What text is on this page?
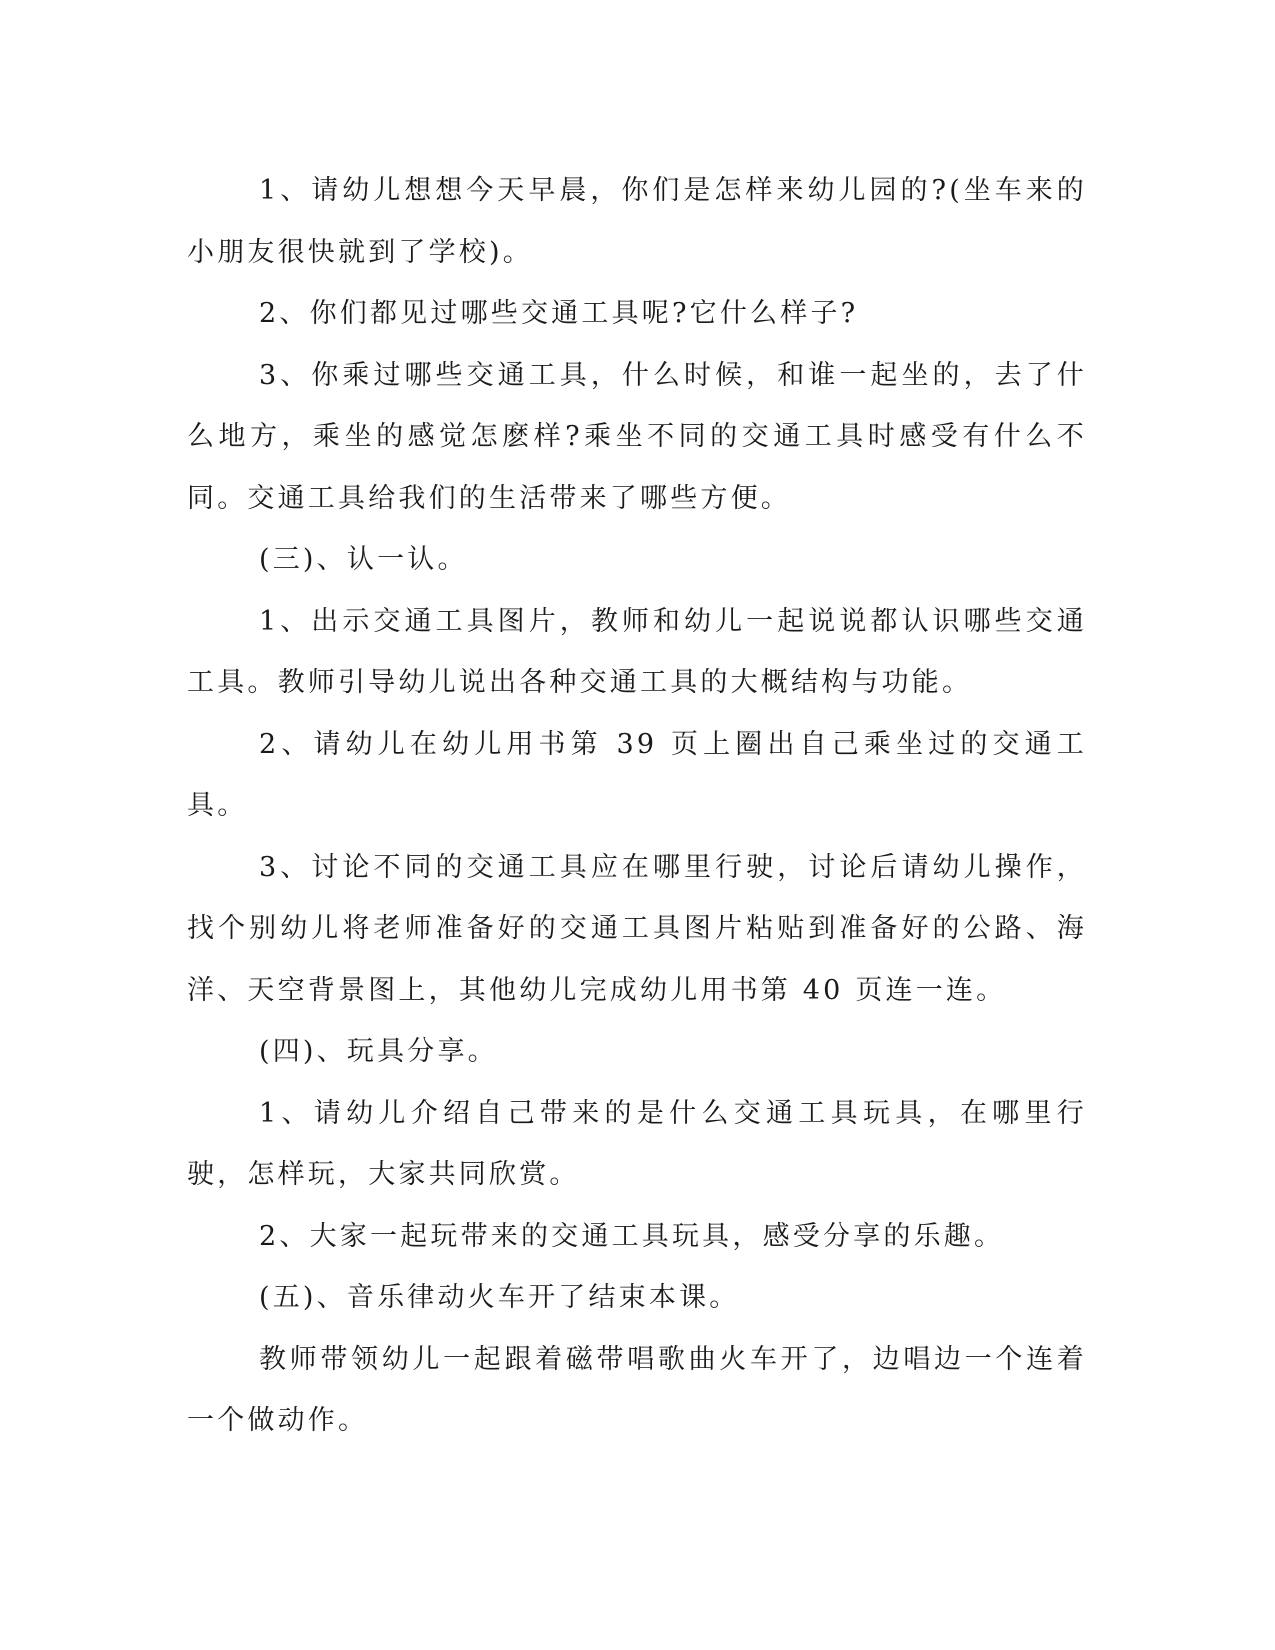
1、请幼儿想想今天早晨，你们是怎样来幼儿园的?(坐车来的小朋友很快就到了学校)。

2、你们都见过哪些交通工具呢?它什么样子?

3、你乘过哪些交通工具，什么时候，和谁一起坐的，去了什么地方，乘坐的感觉怎麽样?乘坐不同的交通工具时感受有什么不同。交通工具给我们的生活带来了哪些方便。

(三)、认一认。

1、出示交通工具图片，教师和幼儿一起说说都认识哪些交通工具。教师引导幼儿说出各种交通工具的大概结构与功能。

2、请幼儿在幼儿用书第 39 页上圈出自己乘坐过的交通工具。

3、讨论不同的交通工具应在哪里行驶，讨论后请幼儿操作，找个别幼儿将老师准备好的交通工具图片粘贴到准备好的公路、海洋、天空背景图上，其他幼儿完成幼儿用书第 40 页连一连。

(四)、玩具分享。

1、请幼儿介绍自己带来的是什么交通工具玩具，在哪里行驶，怎样玩，大家共同欣赏。

2、大家一起玩带来的交通工具玩具，感受分享的乐趣。

(五)、音乐律动火车开了结束本课。

教师带领幼儿一起跟着磁带唱歌曲火车开了，边唱边一个连着一个做动作。
